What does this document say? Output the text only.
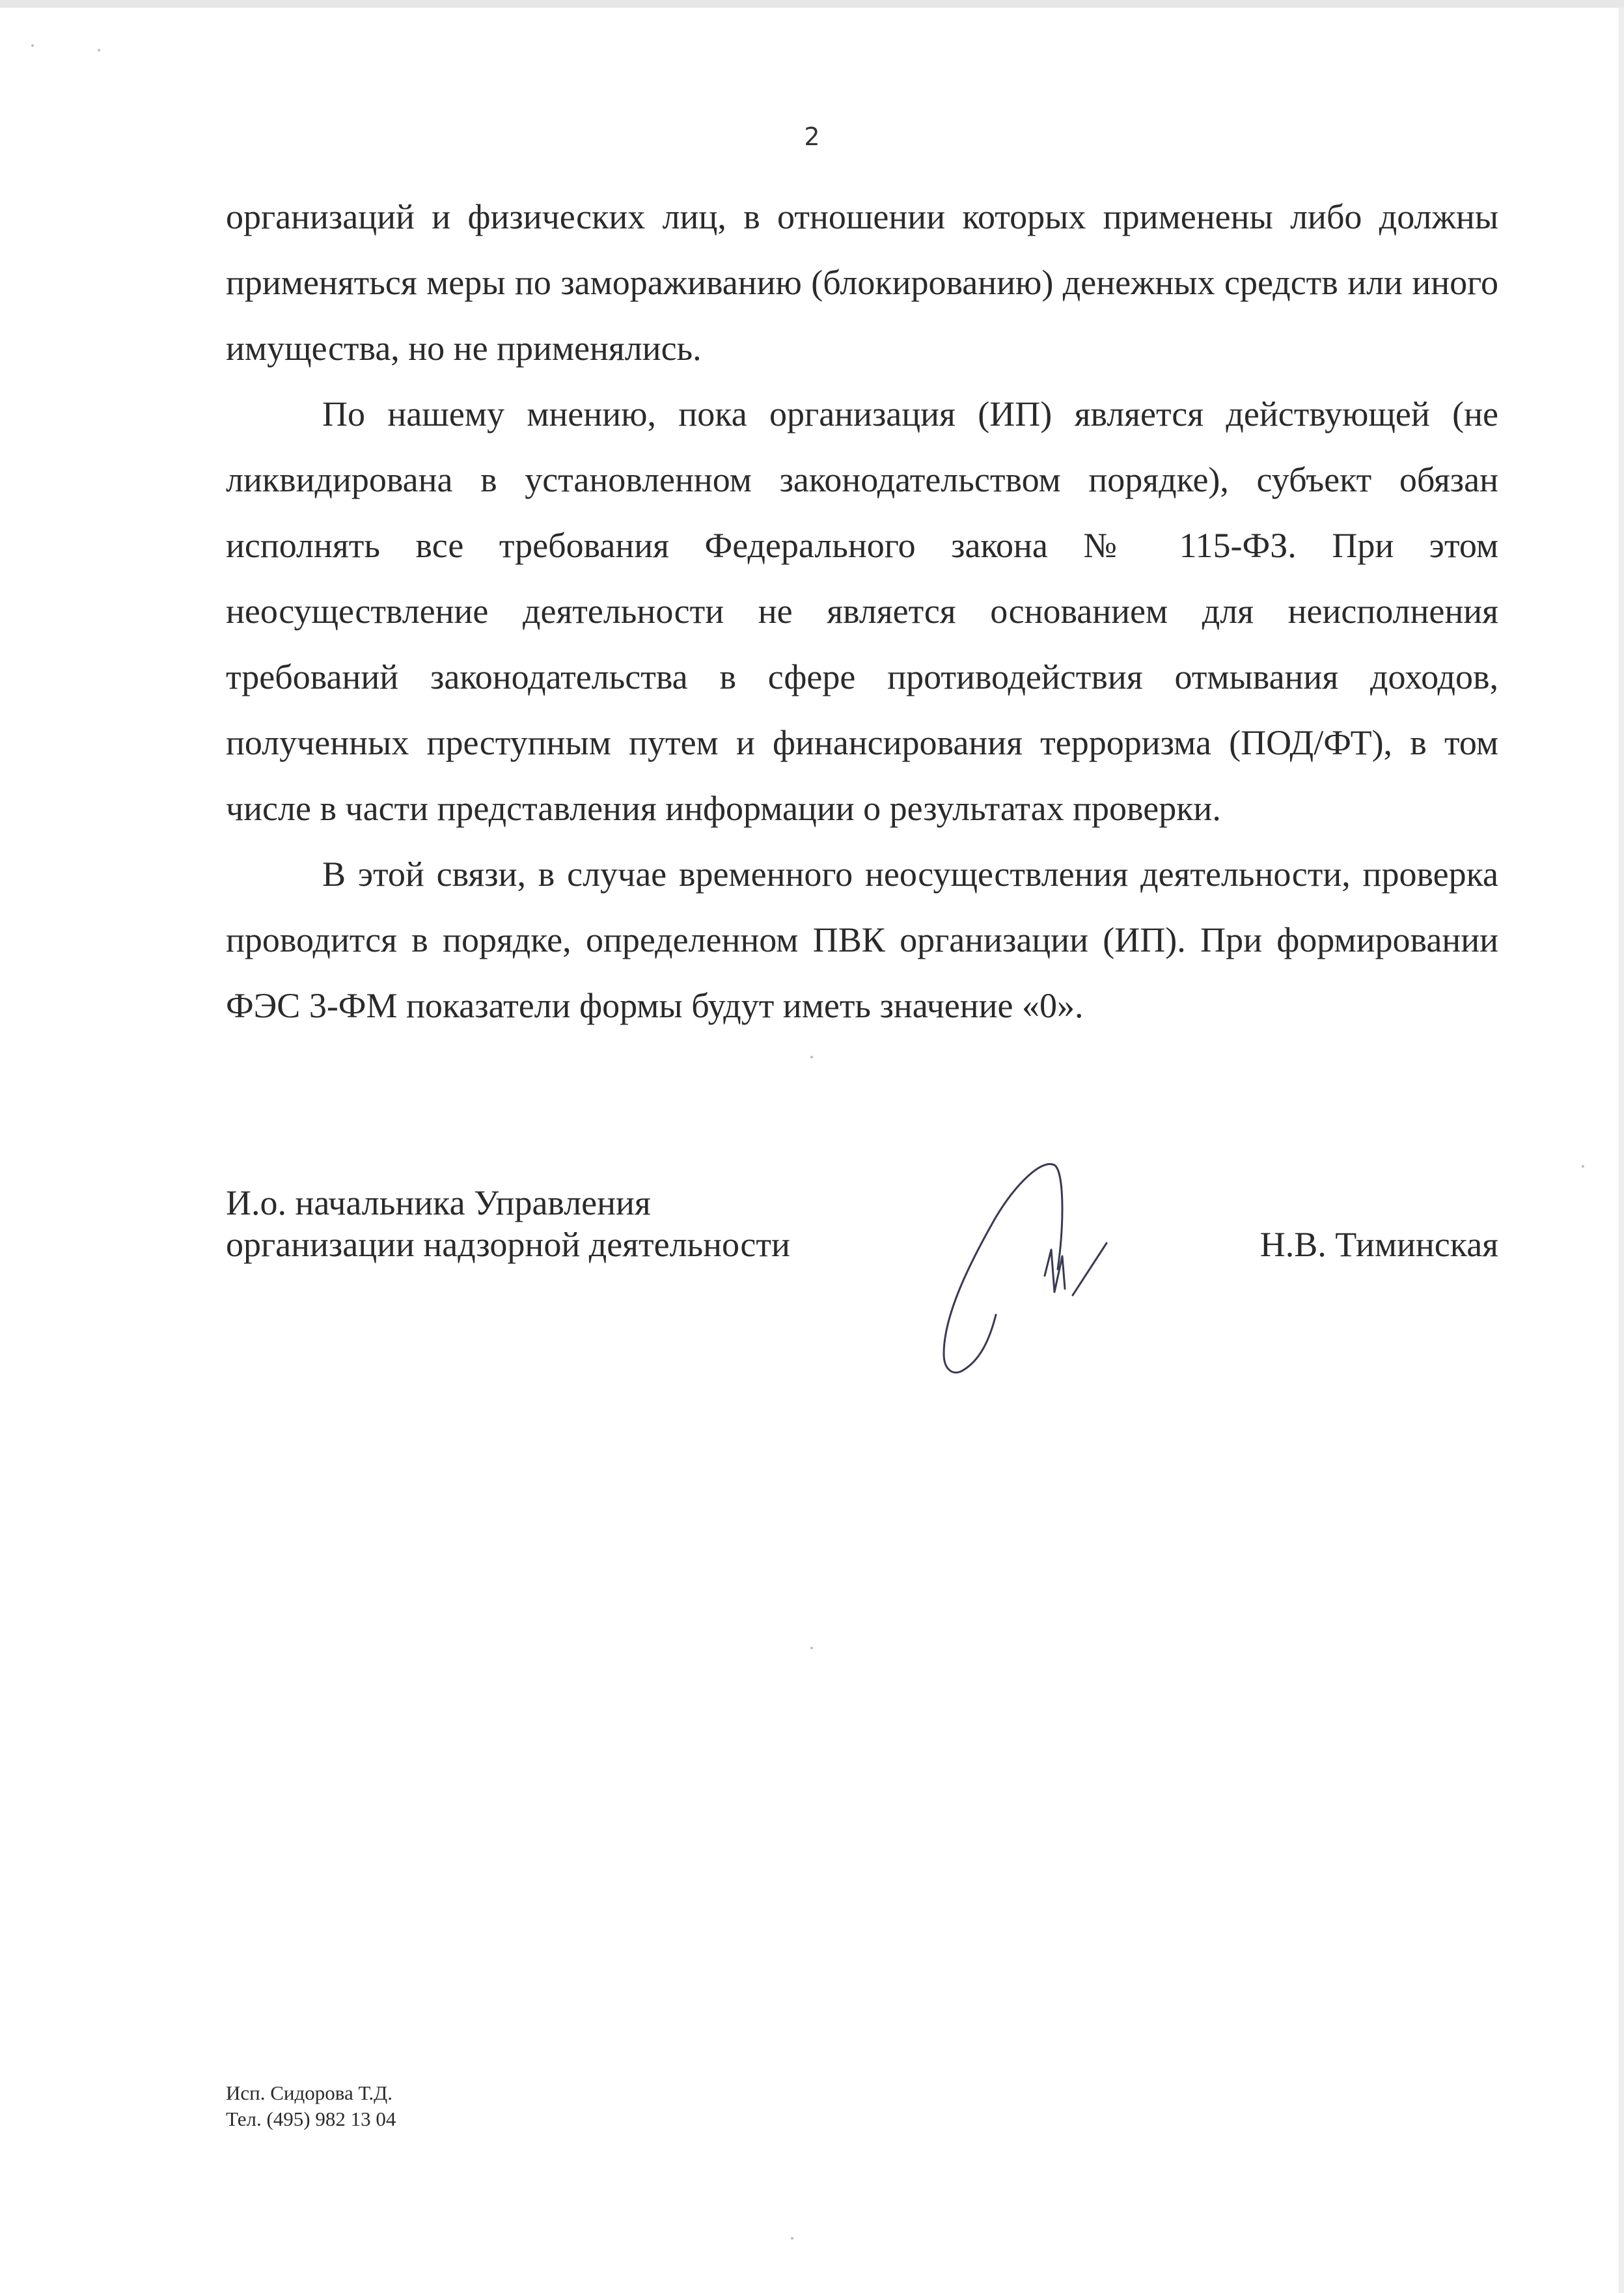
2

организаций и физических лиц, в отношении которых применены либо должны применяться меры по замораживанию (блокированию) денежных средств или иного имущества, но не применялись.

По нашему мнению, пока организация (ИП) является действующей (не ликвидирована в установленном законодательством порядке), субъект обязан исполнять все требования Федерального закона № 115-ФЗ. При этом неосуществление деятельности не является основанием для неисполнения требований законодательства в сфере противодействия отмывания доходов, полученных преступным путем и финансирования терроризма (ПОД/ФТ), в том числе в части представления информации о результатах проверки.

В этой связи, в случае временного неосуществления деятельности, проверка проводится в порядке, определенном ПВК организации (ИП). При формировании ФЭС 3-ФМ показатели формы будут иметь значение «0».

И.о. начальника Управления
организации надзорной деятельности	Н.В. Тиминская
Исп. Сидорова Т.Д.
Тел. (495) 982 13 04
